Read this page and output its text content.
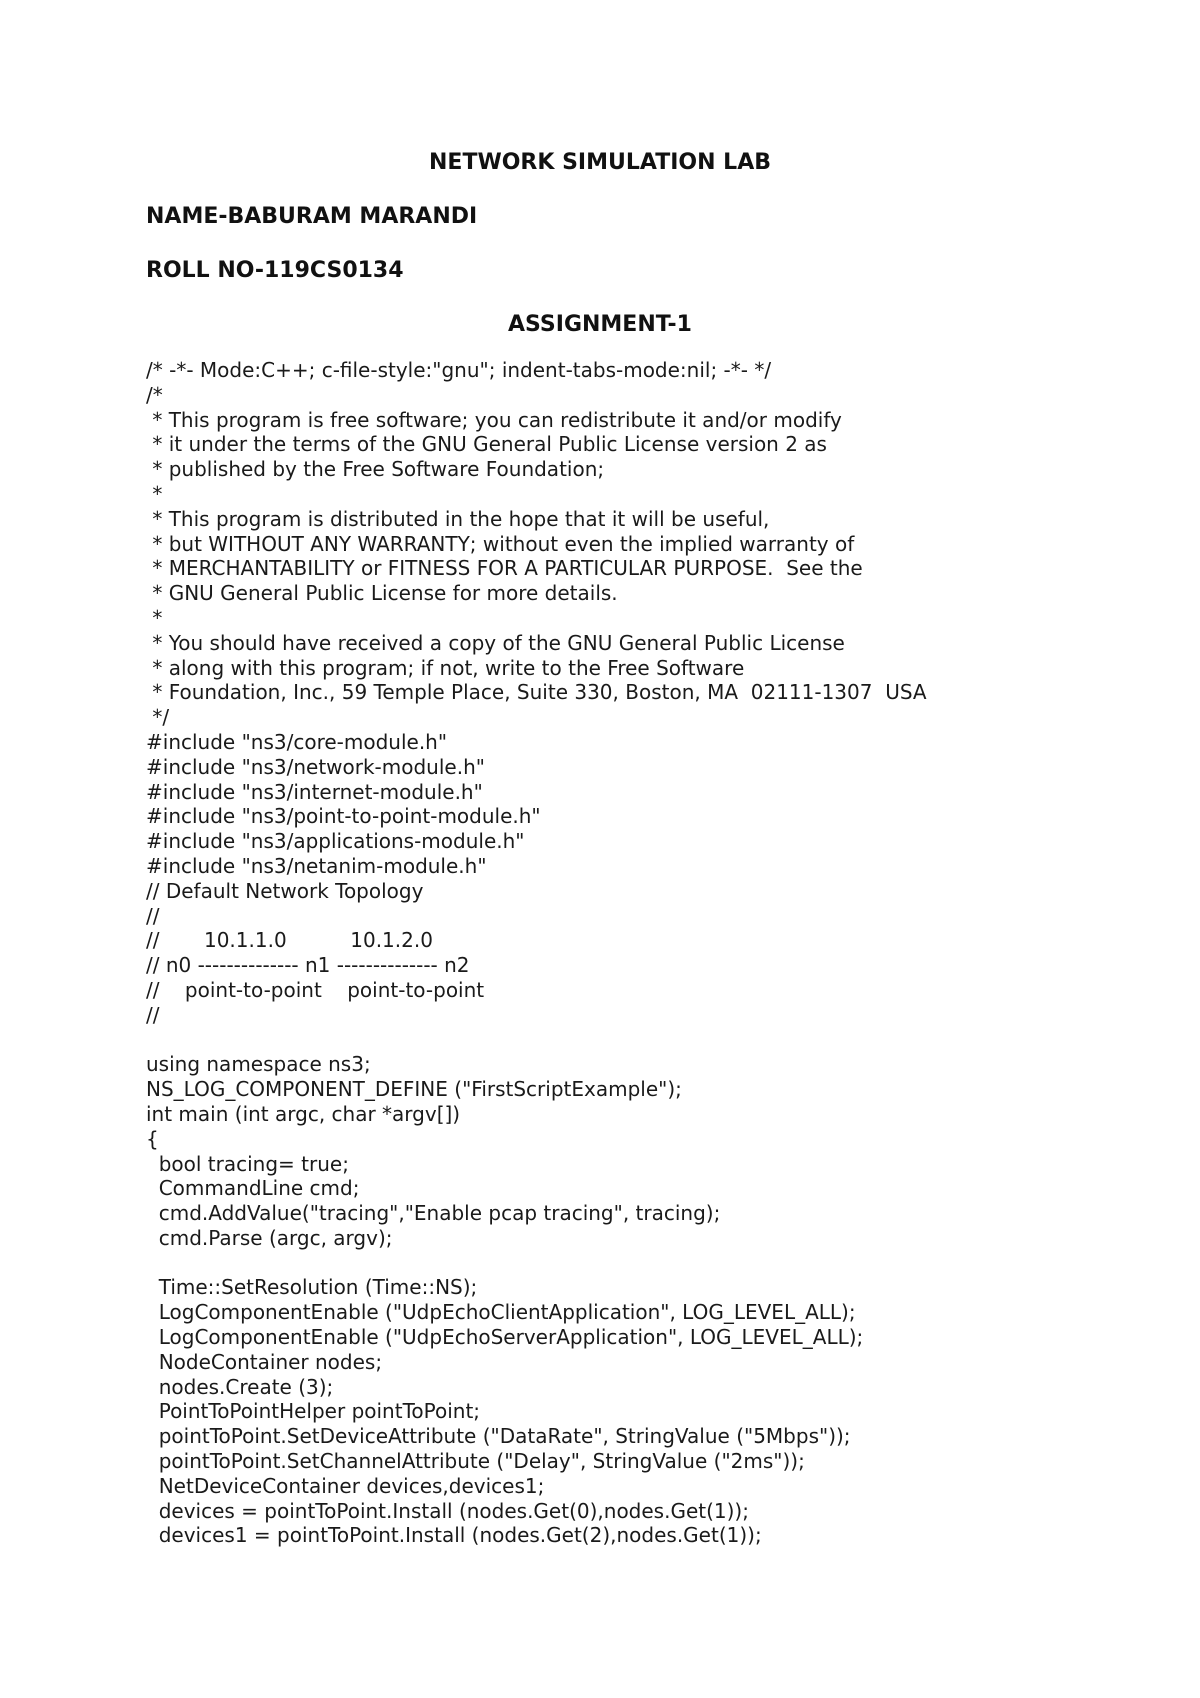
NETWORK SIMULATION LAB
NAME-BABURAM MARANDI
ROLL NO-119CS0134
ASSIGNMENT-1
/* -*- Mode:C++; c-file-style:"gnu"; indent-tabs-mode:nil; -*- */
/*
* This program is free software; you can redistribute it and/or modify
* it under the terms of the GNU General Public License version 2 as
* published by the Free Software Foundation;
*
* This program is distributed in the hope that it will be useful,
* but WITHOUT ANY WARRANTY; without even the implied warranty of
* MERCHANTABILITY or FITNESS FOR A PARTICULAR PURPOSE.  See the
* GNU General Public License for more details.
*
* You should have received a copy of the GNU General Public License
* along with this program; if not, write to the Free Software
* Foundation, Inc., 59 Temple Place, Suite 330, Boston, MA  02111-1307  USA
*/
#include "ns3/core-module.h"
#include "ns3/network-module.h"
#include "ns3/internet-module.h"
#include "ns3/point-to-point-module.h"
#include "ns3/applications-module.h"
#include "ns3/netanim-module.h"
// Default Network Topology
//
//       10.1.1.0          10.1.2.0
// n0 -------------- n1 -------------- n2
//    point-to-point    point-to-point
//
using namespace ns3;
NS_LOG_COMPONENT_DEFINE ("FirstScriptExample");
int main (int argc, char *argv[])
{
bool tracing= true;
CommandLine cmd;
cmd.AddValue("tracing","Enable pcap tracing", tracing);
cmd.Parse (argc, argv);
Time::SetResolution (Time::NS);
LogComponentEnable ("UdpEchoClientApplication", LOG_LEVEL_ALL);
LogComponentEnable ("UdpEchoServerApplication", LOG_LEVEL_ALL);
NodeContainer nodes;
nodes.Create (3);
PointToPointHelper pointToPoint;
pointToPoint.SetDeviceAttribute ("DataRate", StringValue ("5Mbps"));
pointToPoint.SetChannelAttribute ("Delay", StringValue ("2ms"));
NetDeviceContainer devices,devices1;
devices = pointToPoint.Install (nodes.Get(0),nodes.Get(1));
devices1 = pointToPoint.Install (nodes.Get(2),nodes.Get(1));
